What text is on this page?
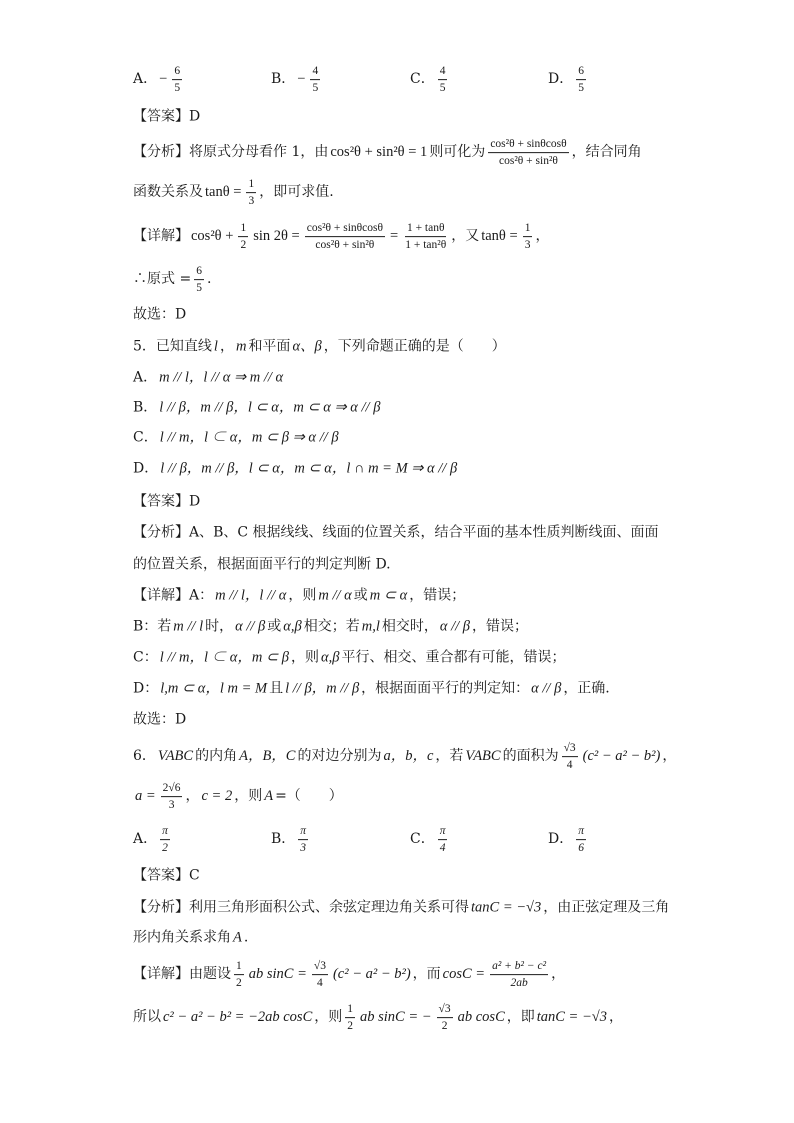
A． − $\frac{6}{5}$	B． − $\frac{4}{5}$	C． $\frac{4}{5}$	D． $\frac{6}{5}$
【答案】 D
【分析】将原式分母看作 1，由 cos²θ + sin²θ = 1 则可化为 $\frac{\text{cos²θ + sinθcosθ}}{\text{cos²θ + sin²θ}}$ ，结合同角
函数关系及 $\tan\theta = \frac{1}{3}$ ，即可求值.
【详解】 $\cos^2\theta + \frac{1}{2}$ $\sin 2\theta = \frac{\text{cos²θ + sinθcosθ}}{\text{cos²θ + sin²θ}} = \frac{1 + \tan\theta}{\text{1 + tan²θ}}$ ，又 $\tan\theta = \frac{1}{3}$ ，
∴原式 = $\frac{6}{5}$ .
故选：D
5．已知直线 l ， m 和平面 α、β ，下列命题正确的是（　　）
A． m // l，l // α ⇒ m // α
B． l // β，m // β，l ⊂ α，m ⊂ α ⇒ α // β
C． l // m，l ⊂ α，m ⊂ β ⇒ α // β
D． l // β，m // β，l ⊂ α，m ⊂ α，l ∩ m = M ⇒ α // β
【答案】 D
【分析】A、B、C 根据线线、线面的位置关系，结合平面的基本性质判断线面、面面
的位置关系，根据面面平行的判定判断 D.
【详解】A： m // l，l // α ，则 m // α 或 m ⊂ α ，错误；
B：若 m // l 时， α // β 或 α,β 相交；若 m,l 相交时， α // β ，错误；
C： l // m，l ⊂ α，m ⊂ β ，则 α,β 平行、相交、重合都有可能，错误；
D： l,m ⊂ α，l m = M 且 l // β，m // β ，根据面面平行的判定知： α // β ，正确.
故选：D
6． VABC 的内角 A，B，C 的对边分别为 a，b，c ，若 VABC 的面积为 $\frac{√3}{4} (c^2 - a^2 - b^2)$ ，
$a = \frac{2√6}{3}$ ， c = 2 ，则 A =（　　）
A． $\frac{\pi}{2}$	B． $\frac{\pi}{3}$	C． $\frac{\pi}{4}$	D． $\frac{\pi}{6}$
【答案】 C
【分析】利用三角形面积公式、余弦定理边角关系可得 tanC = −√3 ，由正弦定理及三角
形内角关系求角 A .
【详解】由题设 $\frac{1}{2}$ ab $\sin C = \frac{√3}{4} (c^2 - a^2 - b^2)$ ，而 $\cos C = \frac{\text{a² + b² − c²}}{2ab}$ ，
所以 c² − a² − b² = −2ab cosC ，则 $\frac{1}{2}$ ab sinC = − $\frac{√3}{2}$ ab cosC ，即 tanC = −√3 ，
